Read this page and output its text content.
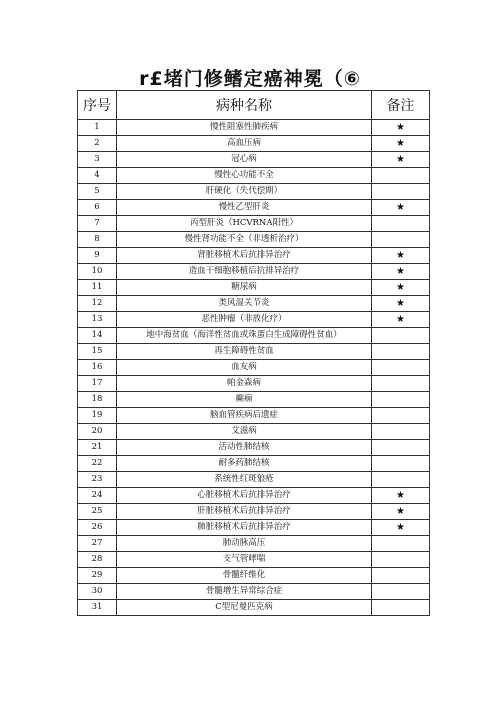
r£堵门修鳍定癌神冕（⑥
序号	病种名称	备注
1	慢性阻塞性肺疾病	★
2	高血压病	★
3	冠心病	★
4	慢性心功能不全	
5	肝硬化（失代偿期）	
6	慢性乙型肝炎	★
7	丙型肝炎（HCVRNA阳性）	
8	慢性肾功能不全（非透析治疗）	
9	肾脏移植术后抗排异治疗	★
10	造血干细胞移植后抗排异治疗	★
11	糖尿病	★
12	类风湿关节炎	★
13	恶性肿瘤（非放化疗）	★
14	地中海贫血（海洋性贫血或珠蛋白生成障碍性贫血）	
15	再生障碍性贫血	
16	血友病	
17	帕金森病	
18	癫痫	
19	脑血管疾病后遗症	
20	艾滋病	
21	活动性肺结核	
22	耐多药肺结核	
23	系统性红斑狼疮	
24	心脏移植术后抗排异治疗	★
25	肝脏移植术后抗排异治疗	★
26	肺脏移植术后抗排异治疗	★
27	肺动脉高压	
28	支气管哮喘	
29	骨髓纤维化	
30	骨髓增生异常综合症	
31	C型尼曼匹克病	
